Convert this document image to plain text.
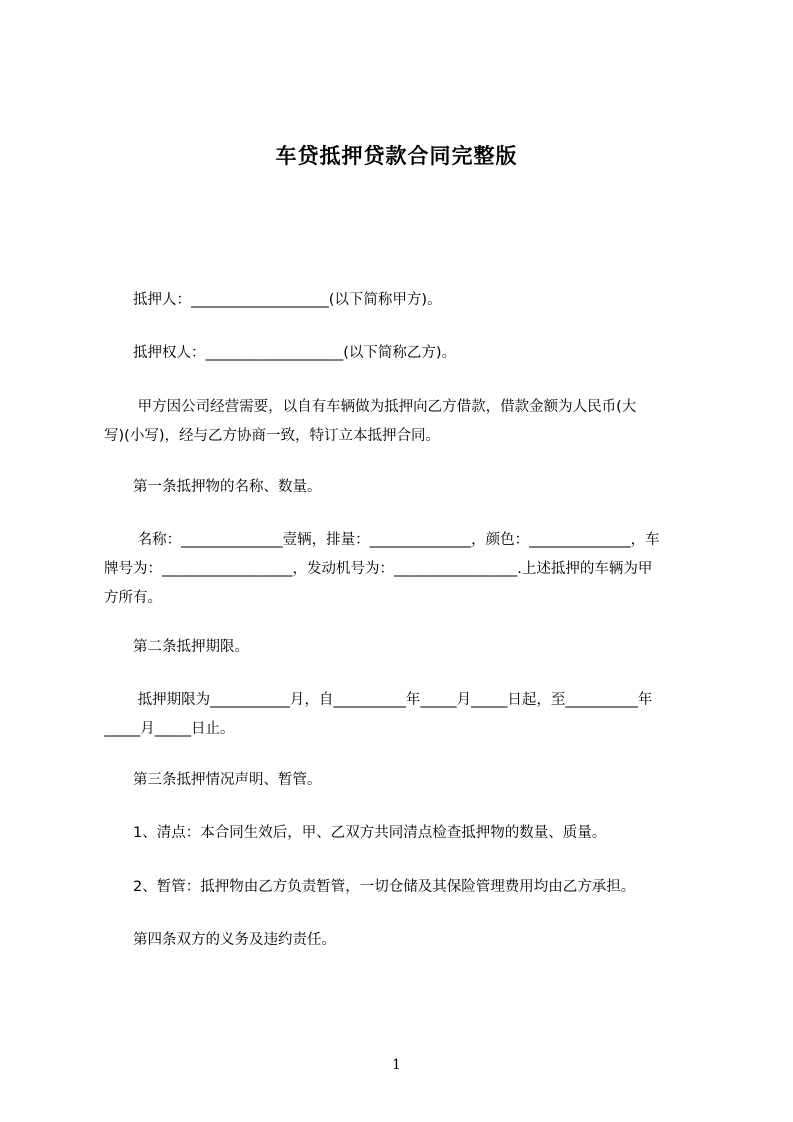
车贷抵押贷款合同完整版
　　抵押人：___________________(以下简称甲方)。
　　抵押权人：___________________(以下简称乙方)。
　　 甲方因公司经营需要，以自有车辆做为抵押向乙方借款，借款金额为人民币(大
写)(小写)，经与乙方协商一致，特订立本抵押合同。
　　第一条抵押物的名称、数量。
　　 名称：______________壹辆，排量：______________，颜色：______________，车
牌号为：__________________，发动机号为：_________________.上述抵押的车辆为甲
方所有。
　　第二条抵押期限。
　　 抵押期限为___________月，自__________年_____月_____日起，至__________年
_____月_____日止。
　　第三条抵押情况声明、暂管。
　　1、清点：本合同生效后，甲、乙双方共同清点检查抵押物的数量、质量。
　　2、暂管：抵押物由乙方负责暂管，一切仓储及其保险管理费用均由乙方承担。
　　第四条双方的义务及违约责任。
1
